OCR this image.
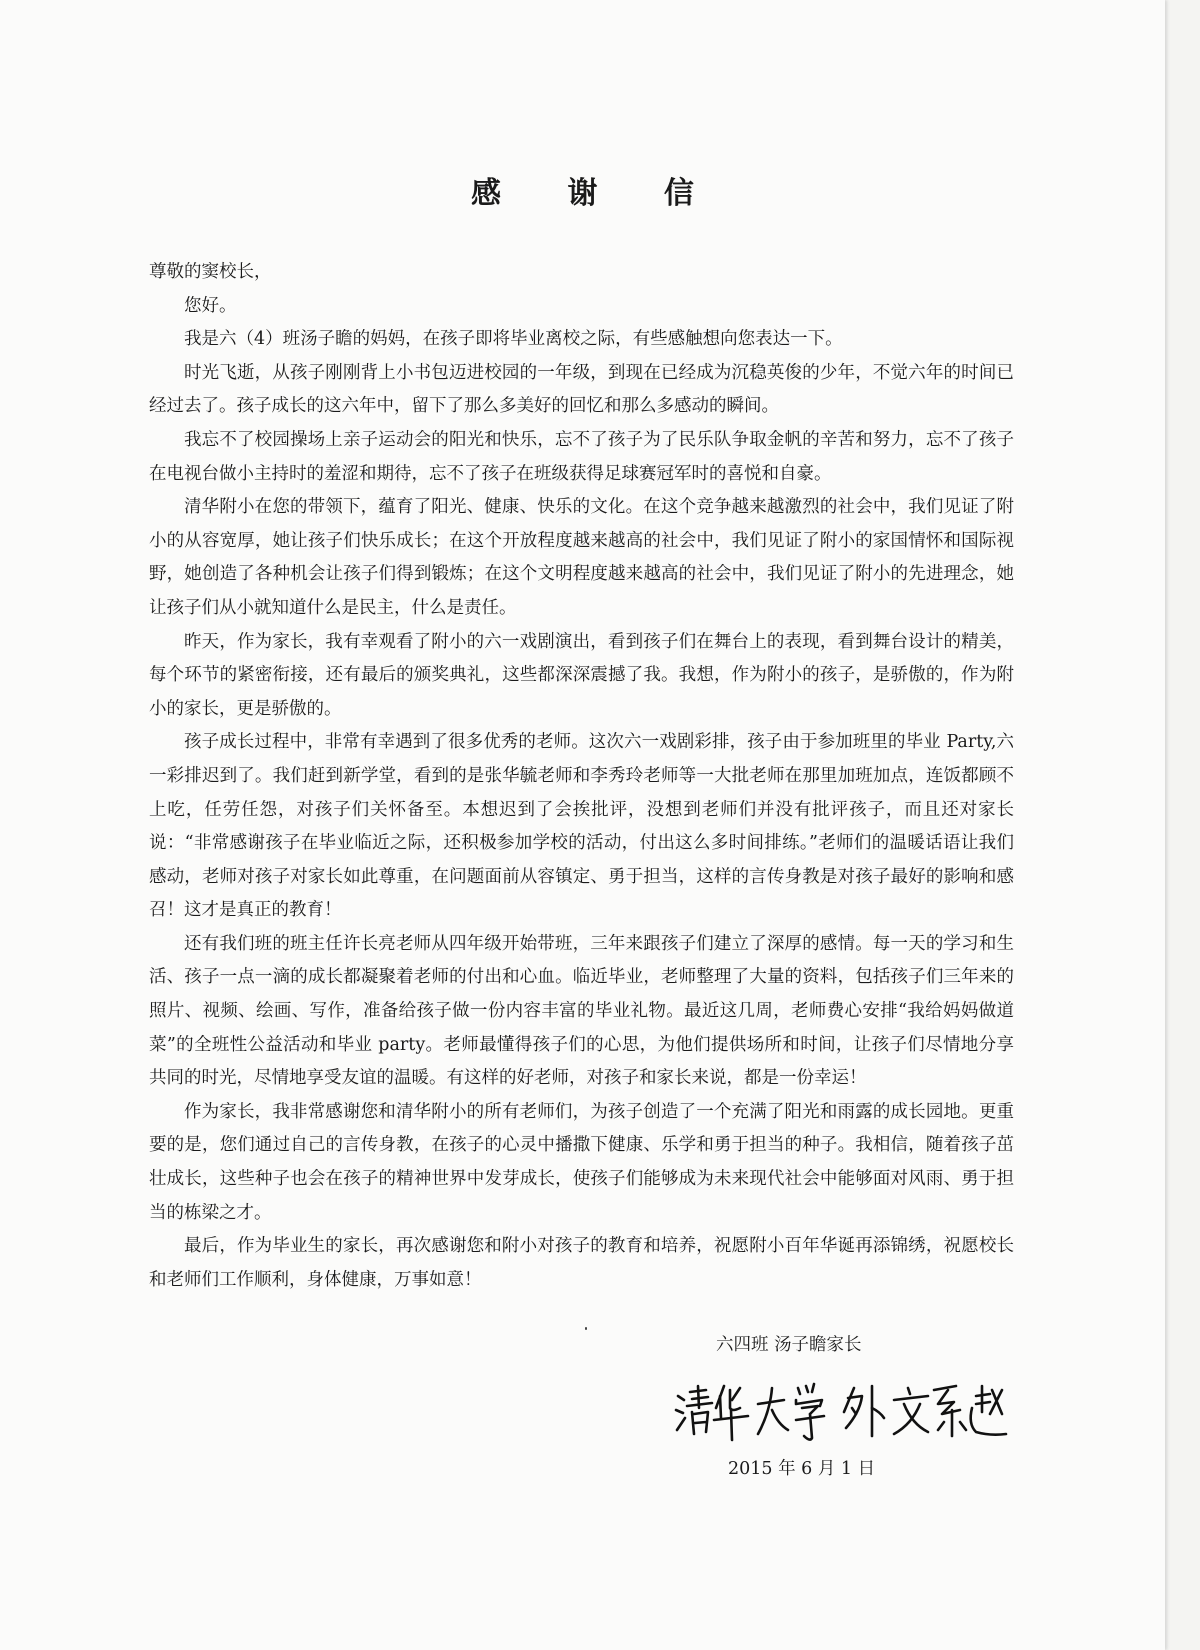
感 谢 信

尊敬的窦校长，

您好。

我是六（4）班汤子瞻的妈妈，在孩子即将毕业离校之际，有些感触想向您表达一下。

时光飞逝，从孩子刚刚背上小书包迈进校园的一年级，到现在已经成为沉稳英俊的少年，不觉六年的时间已经过去了。孩子成长的这六年中，留下了那么多美好的回忆和那么多感动的瞬间。

我忘不了校园操场上亲子运动会的阳光和快乐，忘不了孩子为了民乐队争取金帆的辛苦和努力，忘不了孩子在电视台做小主持时的羞涩和期待，忘不了孩子在班级获得足球赛冠军时的喜悦和自豪。

清华附小在您的带领下，蕴育了阳光、健康、快乐的文化。在这个竞争越来越激烈的社会中，我们见证了附小的从容宽厚，她让孩子们快乐成长；在这个开放程度越来越高的社会中，我们见证了附小的家国情怀和国际视野，她创造了各种机会让孩子们得到锻炼；在这个文明程度越来越高的社会中，我们见证了附小的先进理念，她让孩子们从小就知道什么是民主，什么是责任。

昨天，作为家长，我有幸观看了附小的六一戏剧演出，看到孩子们在舞台上的表现，看到舞台设计的精美，每个环节的紧密衔接，还有最后的颁奖典礼，这些都深深震撼了我。我想，作为附小的孩子，是骄傲的，作为附小的家长，更是骄傲的。

孩子成长过程中，非常有幸遇到了很多优秀的老师。这次六一戏剧彩排，孩子由于参加班里的毕业 Party,六一彩排迟到了。我们赶到新学堂，看到的是张华毓老师和李秀玲老师等一大批老师在那里加班加点，连饭都顾不上吃，任劳任怨，对孩子们关怀备至。本想迟到了会挨批评，没想到老师们并没有批评孩子，而且还对家长说：“非常感谢孩子在毕业临近之际，还积极参加学校的活动，付出这么多时间排练。”老师们的温暖话语让我们感动，老师对孩子对家长如此尊重，在问题面前从容镇定、勇于担当，这样的言传身教是对孩子最好的影响和感召！这才是真正的教育！

还有我们班的班主任许长亮老师从四年级开始带班，三年来跟孩子们建立了深厚的感情。每一天的学习和生活、孩子一点一滴的成长都凝聚着老师的付出和心血。临近毕业，老师整理了大量的资料，包括孩子们三年来的照片、视频、绘画、写作，准备给孩子做一份内容丰富的毕业礼物。最近这几周，老师费心安排“我给妈妈做道菜”的全班性公益活动和毕业 party。老师最懂得孩子们的心思，为他们提供场所和时间，让孩子们尽情地分享共同的时光，尽情地享受友谊的温暖。有这样的好老师，对孩子和家长来说，都是一份幸运！

作为家长，我非常感谢您和清华附小的所有老师们，为孩子创造了一个充满了阳光和雨露的成长园地。更重要的是，您们通过自己的言传身教，在孩子的心灵中播撒下健康、乐学和勇于担当的种子。我相信，随着孩子茁壮成长，这些种子也会在孩子的精神世界中发芽成长，使孩子们能够成为未来现代社会中能够面对风雨、勇于担当的栋梁之才。

最后，作为毕业生的家长，再次感谢您和附小对孩子的教育和培养，祝愿附小百年华诞再添锦绣，祝愿校长和老师们工作顺利，身体健康，万事如意！

六四班 汤子瞻家长
2015 年 6 月 1 日
